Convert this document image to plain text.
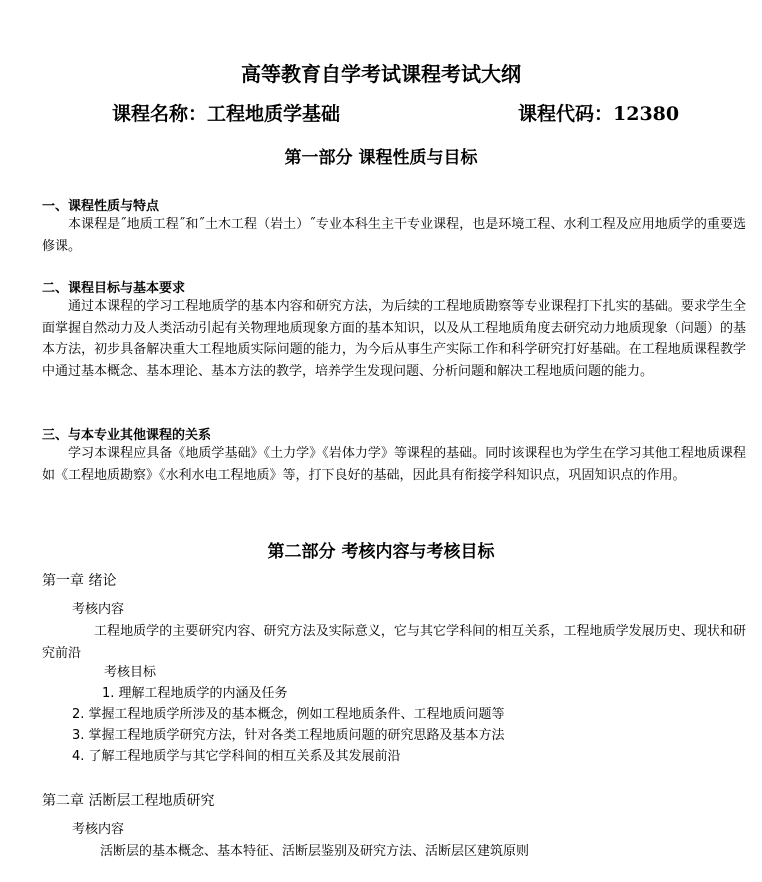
高等教育自学考试课程考试大纲
课程名称：工程地质学基础	课程代码：12380
第一部分 课程性质与目标
一、课程性质与特点
本课程是˝地质工程˝和˝土木工程（岩土）˝专业本科生主干专业课程，也是环境工程、水利工程及应用地质学的重要选修课。
二、课程目标与基本要求
通过本课程的学习工程地质学的基本内容和研究方法，为后续的工程地质勘察等专业课程打下扎实的基础。要求学生全面掌握自然动力及人类活动引起有关物理地质现象方面的基本知识，以及从工程地质角度去研究动力地质现象（问题）的基本方法，初步具备解决重大工程地质实际问题的能力，为今后从事生产实际工作和科学研究打好基础。在工程地质课程教学中通过基本概念、基本理论、基本方法的教学，培养学生发现问题、分析问题和解决工程地质问题的能力。
三、与本专业其他课程的关系
学习本课程应具备《地质学基础》《土力学》《岩体力学》等课程的基础。同时该课程也为学生在学习其他工程地质课程如《工程地质勘察》《水利水电工程地质》等，打下良好的基础，因此具有衔接学科知识点，巩固知识点的作用。
第二部分 考核内容与考核目标
第一章 绪论
考核内容
工程地质学的主要研究内容、研究方法及实际意义，它与其它学科间的相互关系，工程地质学发展历史、现状和研究前沿
考核目标
1. 理解工程地质学的内涵及任务
2. 掌握工程地质学所涉及的基本概念，例如工程地质条件、工程地质问题等
3. 掌握工程地质学研究方法，针对各类工程地质问题的研究思路及基本方法
4. 了解工程地质学与其它学科间的相互关系及其发展前沿
第二章 活断层工程地质研究
考核内容
活断层的基本概念、基本特征、活断层鉴别及研究方法、活断层区建筑原则
